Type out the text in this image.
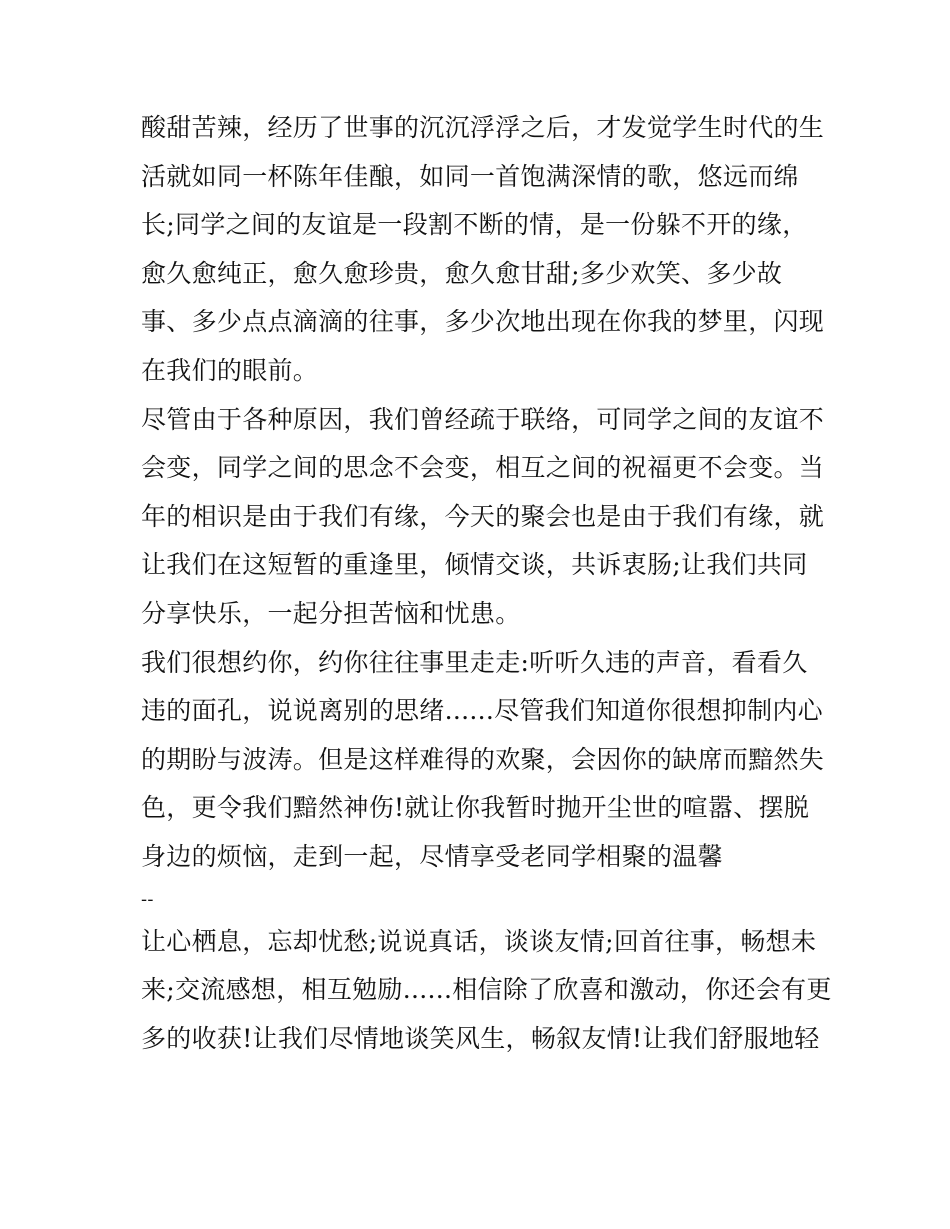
酸甜苦辣，经历了世事的沉沉浮浮之后，才发觉学生时代的生
活就如同一杯陈年佳酿，如同一首饱满深情的歌，悠远而绵
长;同学之间的友谊是一段割不断的情，是一份躲不开的缘，
愈久愈纯正，愈久愈珍贵，愈久愈甘甜;多少欢笑、多少故
事、多少点点滴滴的往事，多少次地出现在你我的梦里，闪现
在我们的眼前。
尽管由于各种原因，我们曾经疏于联络，可同学之间的友谊不
会变，同学之间的思念不会变，相互之间的祝福更不会变。当
年的相识是由于我们有缘，今天的聚会也是由于我们有缘，就
让我们在这短暂的重逢里，倾情交谈，共诉衷肠;让我们共同
分享快乐，一起分担苦恼和忧患。
我们很想约你，约你往往事里走走:听听久违的声音，看看久
违的面孔，说说离别的思绪......尽管我们知道你很想抑制内心
的期盼与波涛。但是这样难得的欢聚，会因你的缺席而黯然失
色，更令我们黯然神伤!就让你我暂时抛开尘世的喧嚣、摆脱
身边的烦恼，走到一起，尽情享受老同学相聚的温馨
--
让心栖息，忘却忧愁;说说真话，谈谈友情;回首往事，畅想未
来;交流感想，相互勉励......相信除了欣喜和激动，你还会有更
多的收获!让我们尽情地谈笑风生，畅叙友情!让我们舒服地轻
